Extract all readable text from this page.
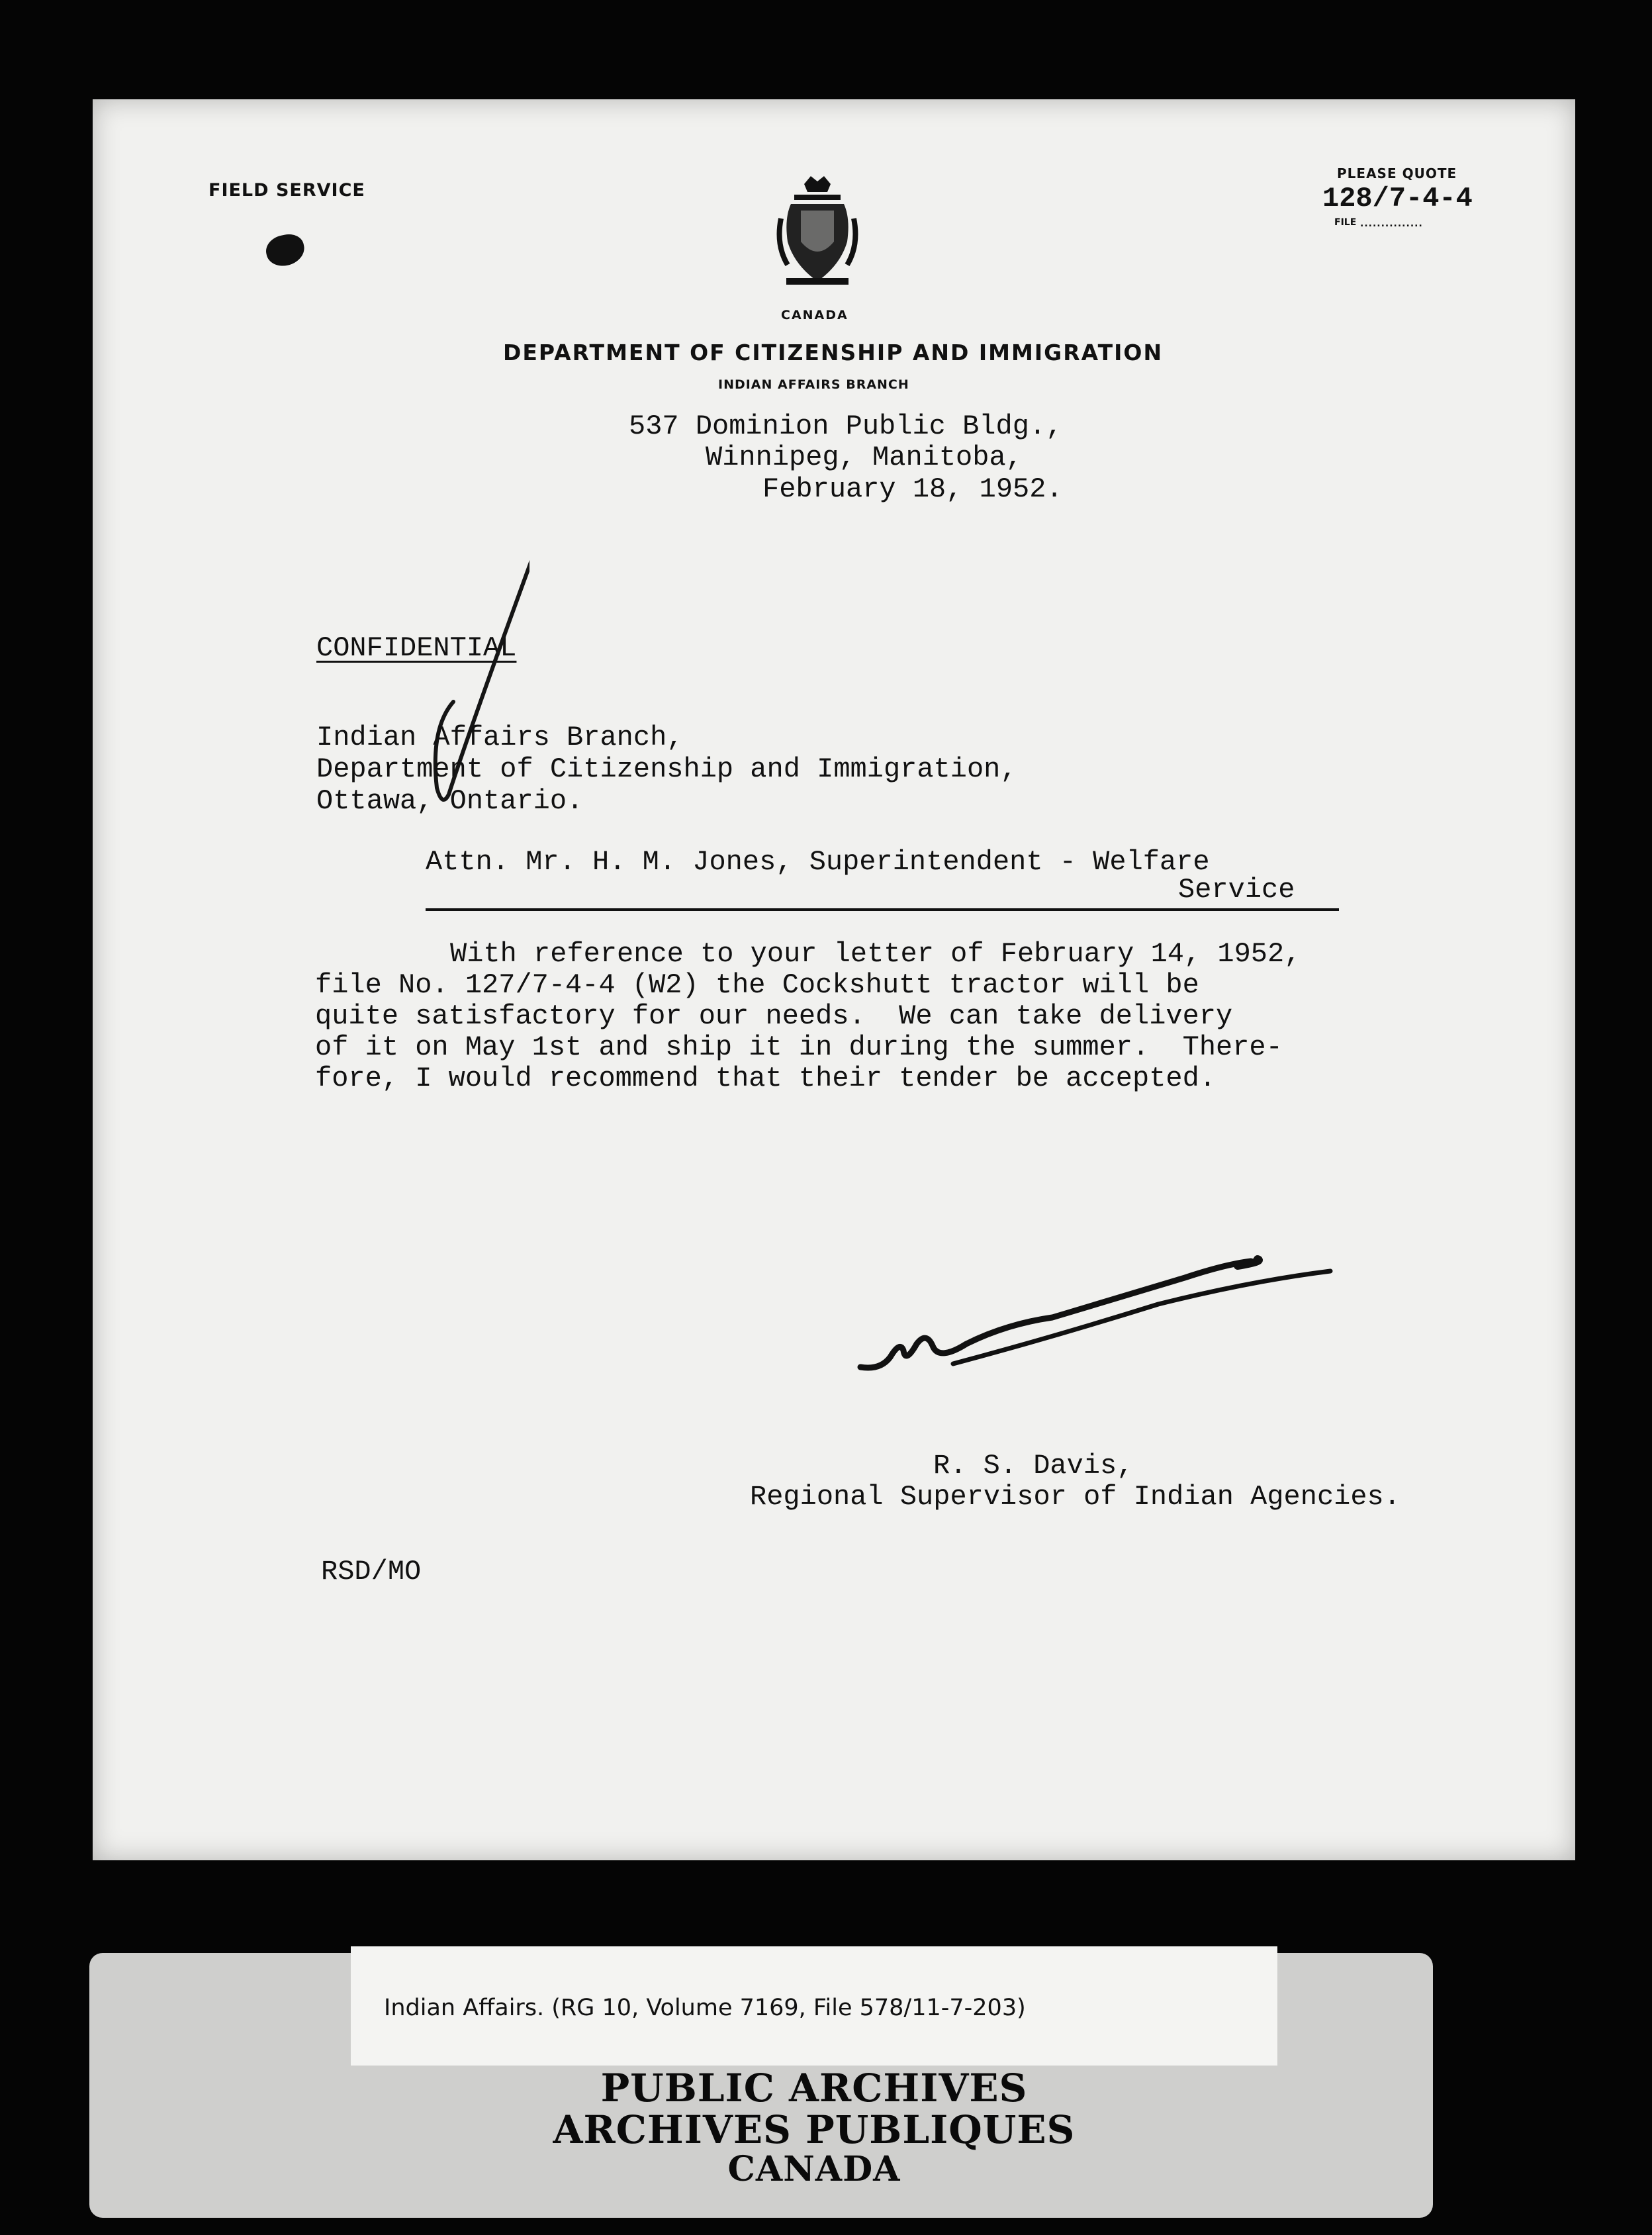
FIELD SERVICE
PLEASE QUOTE
128/7-4-4
FILE ...............
CANADA
DEPARTMENT OF CITIZENSHIP AND IMMIGRATION
INDIAN AFFAIRS BRANCH
537 Dominion Public Bldg.,
Winnipeg, Manitoba,
February 18, 1952.
CONFIDENTIAL
Indian Affairs Branch,
Department of Citizenship and Immigration,
Ottawa, Ontario.
Attn. Mr. H. M. Jones, Superintendent - Welfare
Service
With reference to your letter of February 14, 1952,
file No. 127/7-4-4 (W2) the Cockshutt tractor will be
quite satisfactory for our needs.  We can take delivery
of it on May 1st and ship it in during the summer.  There-
fore, I would recommend that their tender be accepted.
R. S. Davis,
Regional Supervisor of Indian Agencies.
RSD/MO
Indian Affairs. (RG 10, Volume 7169, File 578/11-7-203)
PUBLIC ARCHIVES
ARCHIVES PUBLIQUES
CANADA
